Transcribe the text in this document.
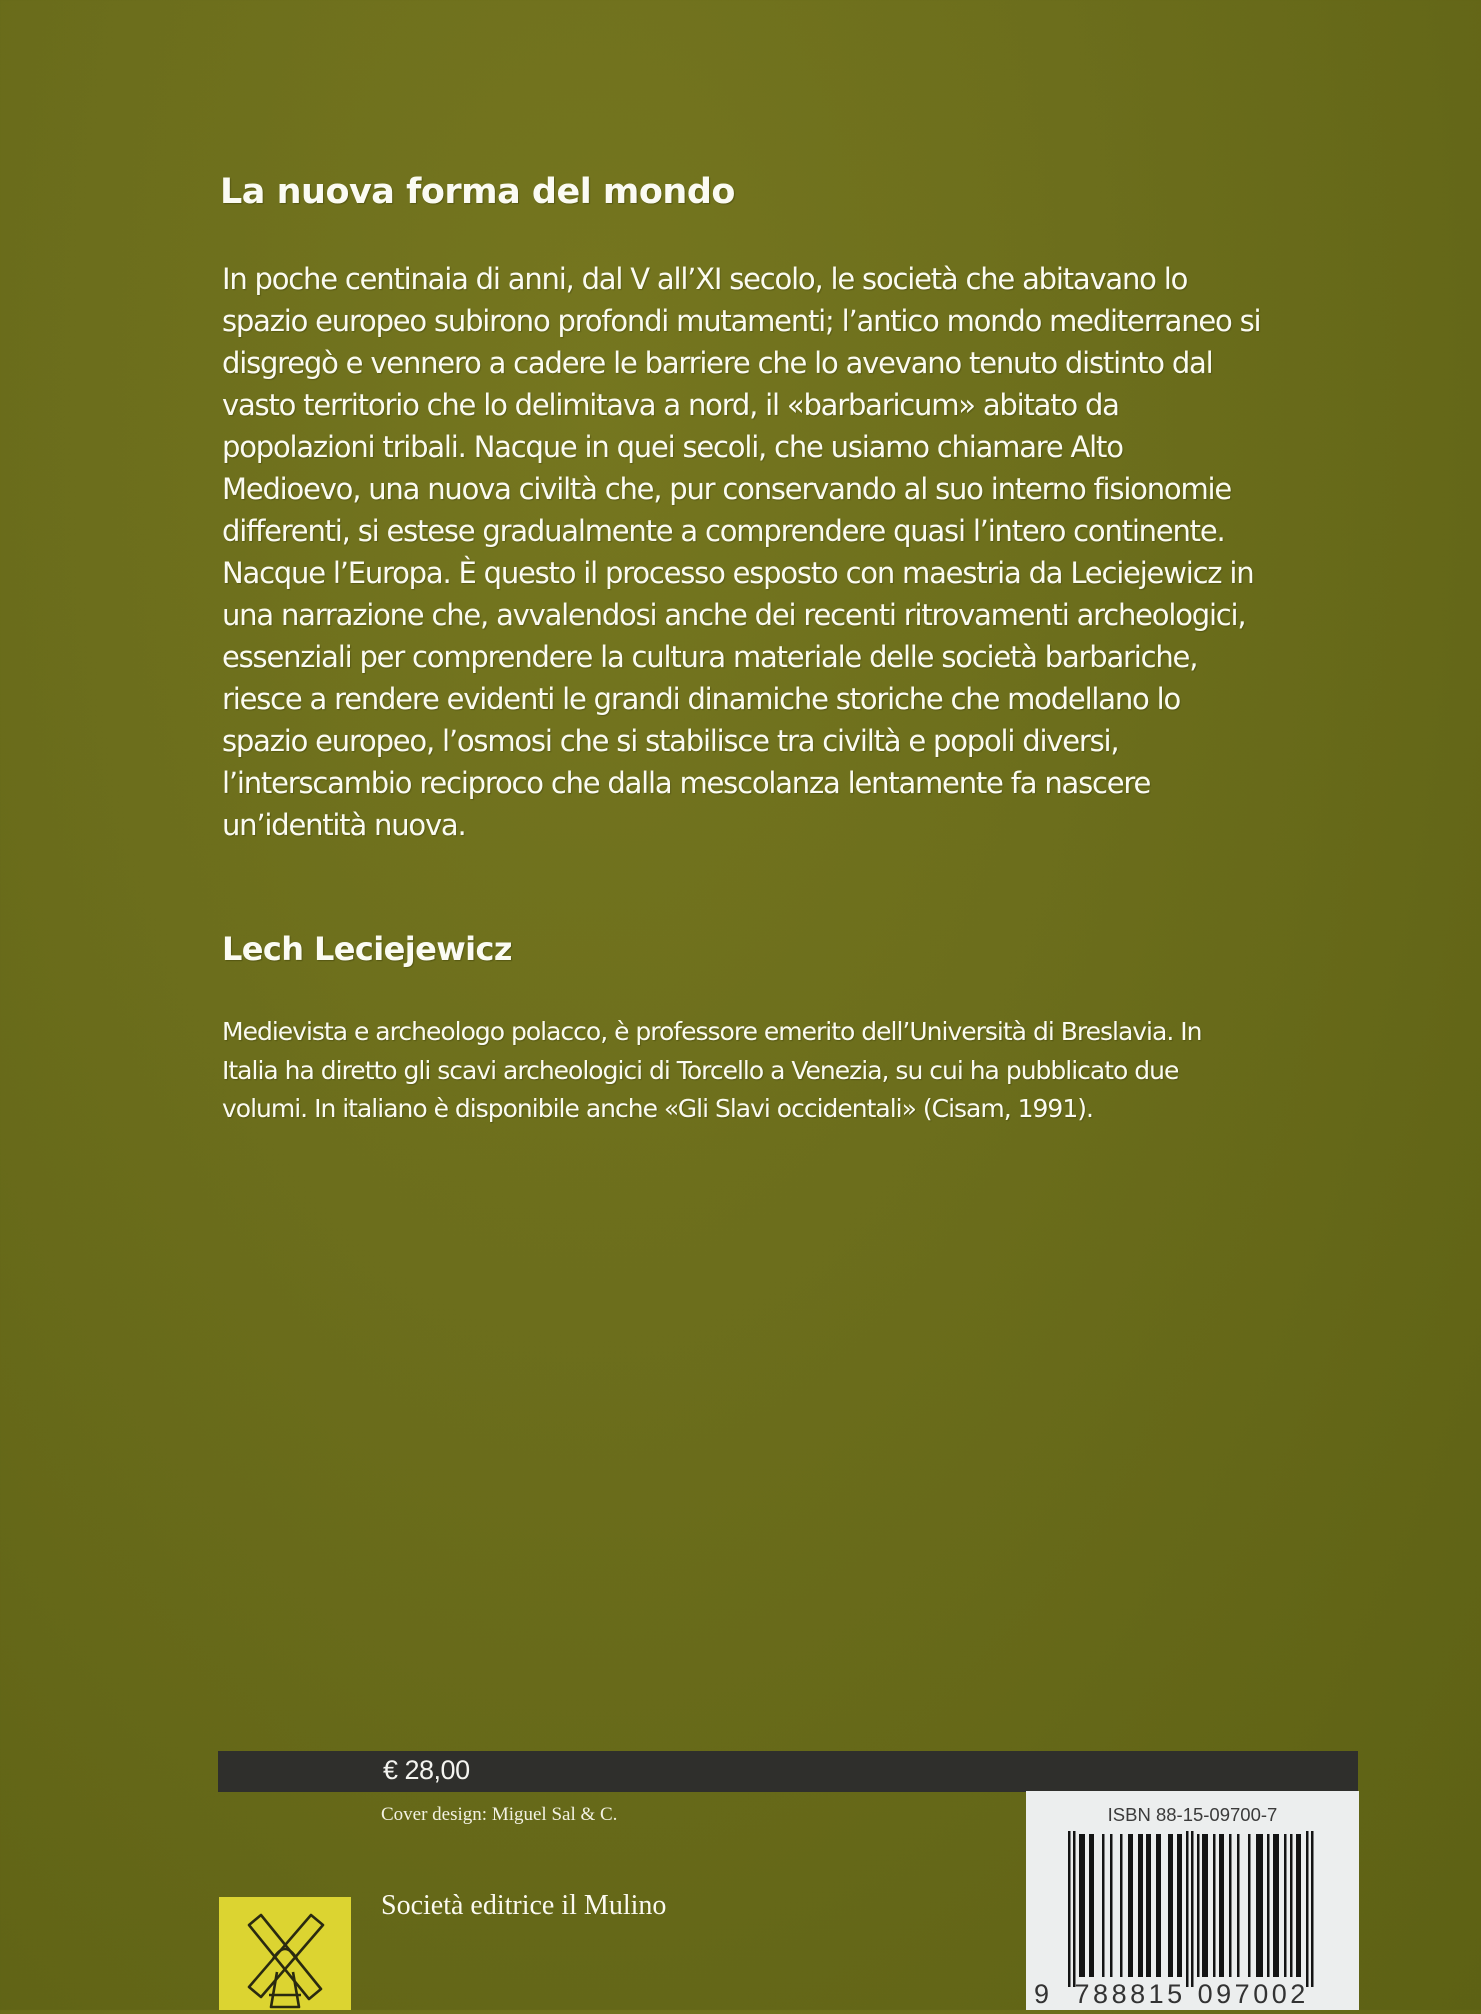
La nuova forma del mondo
In poche centinaia di anni, dal V all’XI secolo, le società che abitavano lo
spazio europeo subirono profondi mutamenti; l’antico mondo mediterraneo si
disgregò e vennero a cadere le barriere che lo avevano tenuto distinto dal
vasto territorio che lo delimitava a nord, il «barbaricum» abitato da
popolazioni tribali. Nacque in quei secoli, che usiamo chiamare Alto
Medioevo, una nuova civiltà che, pur conservando al suo interno fisionomie
differenti, si estese gradualmente a comprendere quasi l’intero continente.
Nacque l’Europa. È questo il processo esposto con maestria da Leciejewicz in
una narrazione che, avvalendosi anche dei recenti ritrovamenti archeologici,
essenziali per comprendere la cultura materiale delle società barbariche,
riesce a rendere evidenti le grandi dinamiche storiche che modellano lo
spazio europeo, l’osmosi che si stabilisce tra civiltà e popoli diversi,
l’interscambio reciproco che dalla mescolanza lentamente fa nascere
un’identità nuova.
Lech Leciejewicz
Medievista e archeologo polacco, è professore emerito dell’Università di Breslavia. In
Italia ha diretto gli scavi archeologici di Torcello a Venezia, su cui ha pubblicato due
volumi. In italiano è disponibile anche «Gli Slavi occidentali» (Cisam, 1991).
€ 28,00
Cover design: Miguel Sal & C.	ISBN 88-15-09700-7
9 788815 097002
Società editrice il Mulino
